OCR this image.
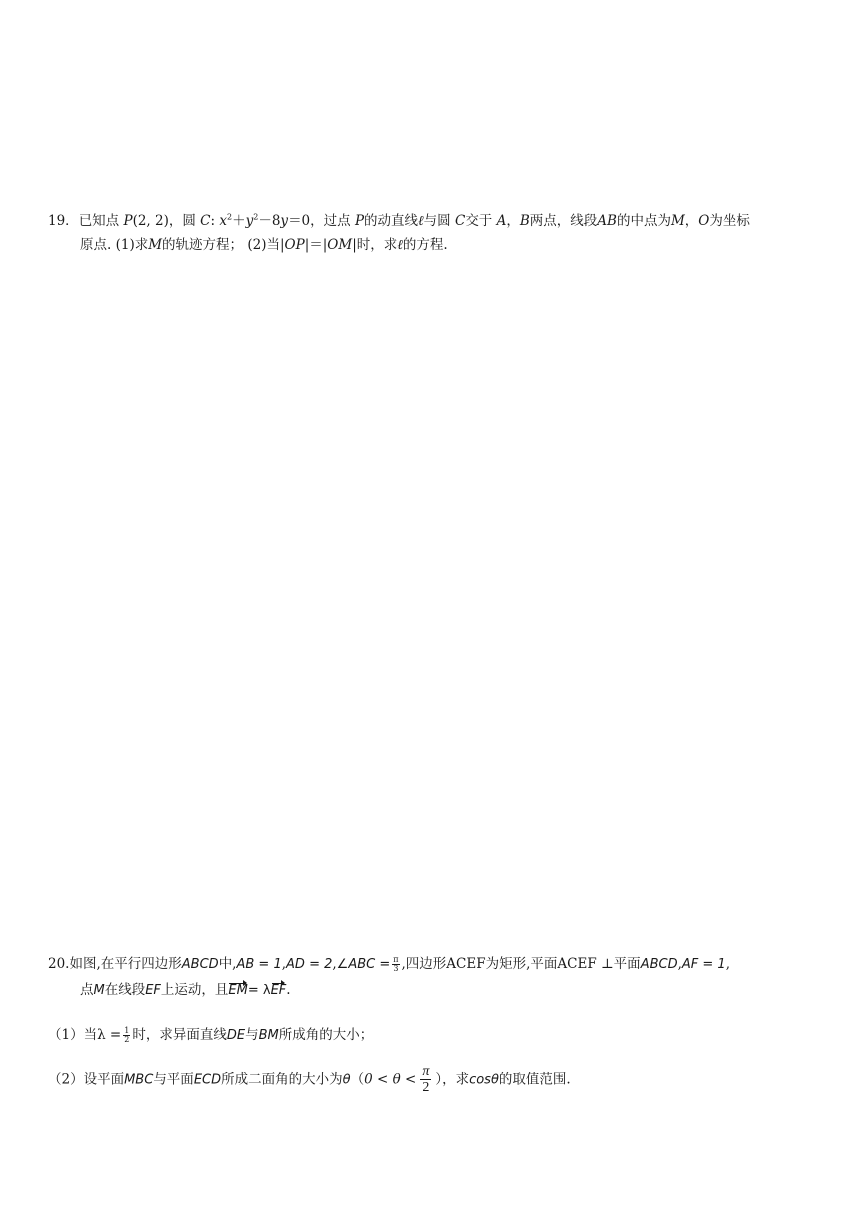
19．已知点 P(2, 2)，圆 C: $x^2+y^2-8y=0$，过点 P的动直线ℓ与圆 C交于 A，B两点，线段AB的中点为M，O为坐标
原点. (1)求M的轨迹方程； (2)当|OP|＝|OM|时，求ℓ的方程.
20.如图,在平行四边形ABCD中,AB = 1,AD = 2,∠ABC = $\frac{\pi}{3}$ ,四边形ACEF为矩形,平面ACEF ⊥平面ABCD,AF = 1,
点M在线段EF上运动，且EM= λEF.
（1）当$\lambda = \frac{1}{2}$ 时，求异面直线DE与BM所成角的大小；
（2）设平面MBC与平面ECD所成二面角的大小为$\theta(0 < \theta < \frac{\pi}{2}$ ），求cosθ的取值范围.
